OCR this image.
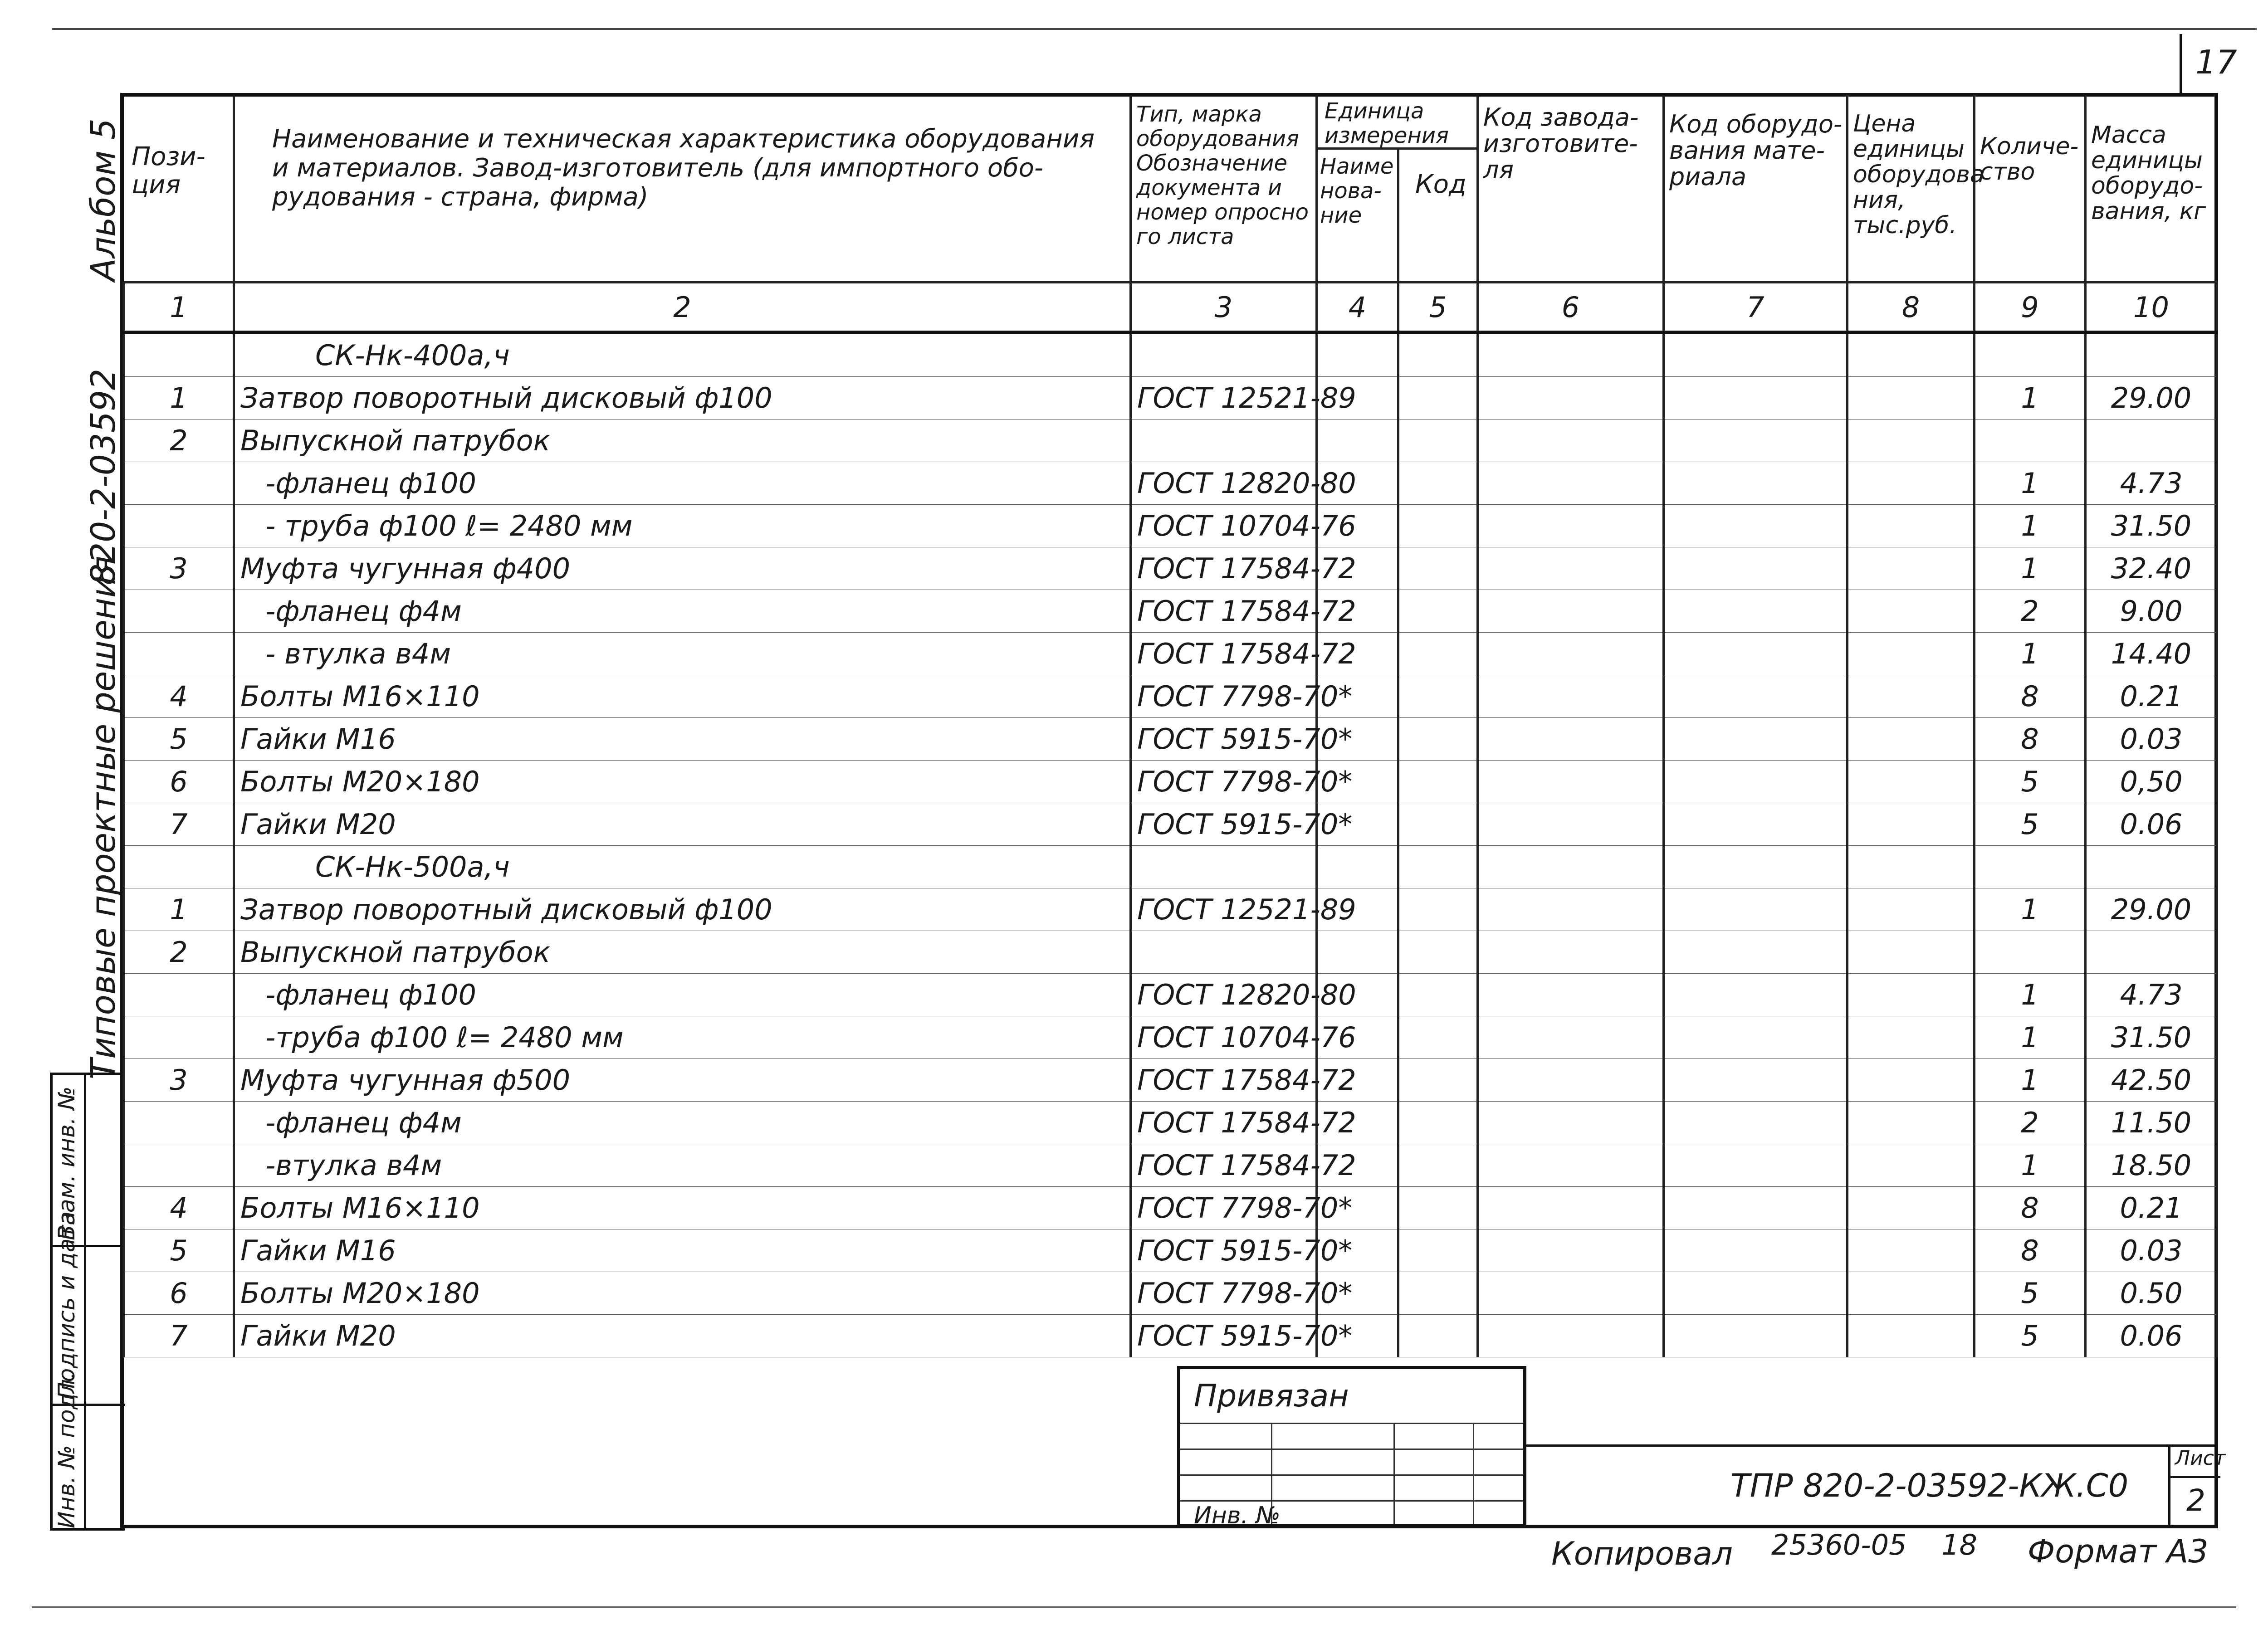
17
Альбом 5
820-2-03592
Типовые проектные решения
Инв. № подл.
Подпись и дата
Взам. инв. №
Пози-
ция
Наименование и техническая характеристика оборудования
и материалов. Завод-изготовитель (для импортного обо-
рудования - страна, фирма)
Тип, марка
оборудования
Обозначение
документа и
номер опросно
го листа
Единица
измерения
Наиме
нова-
ние
Код
Код завода-
изготовите-
ля
Код оборудо-
вания мате-
риала
Цена
единицы
оборудова
ния,
тыс.руб.
Количе-
ство
Масса
единицы
оборудо-
вания, кг
1	2	3	4	5	6	7	8	9	10
	СК-Нк-400а,ч								
1	Затвор поворотный дисковый ф100	ГОСТ 12521-89						1	29.00
2	Выпускной патрубок								
	-фланец ф100	ГОСТ 12820-80						1	4.73
	- труба ф100 ℓ= 2480 мм	ГОСТ 10704-76						1	31.50
3	Муфта чугунная ф400	ГОСТ 17584-72						1	32.40
	-фланец ф4м	ГОСТ 17584-72						2	9.00
	- втулка в4м	ГОСТ 17584-72						1	14.40
4	Болты М16×110	ГОСТ 7798-70*						8	0.21
5	Гайки М16	ГОСТ 5915-70*						8	0.03
6	Болты М20×180	ГОСТ 7798-70*						5	0,50
7	Гайки М20	ГОСТ 5915-70*						5	0.06
	СК-Нк-500а,ч								
1	Затвор поворотный дисковый ф100	ГОСТ 12521-89						1	29.00
2	Выпускной патрубок								
	-фланец ф100	ГОСТ 12820-80						1	4.73
	-труба ф100 ℓ= 2480 мм	ГОСТ 10704-76						1	31.50
3	Муфта чугунная ф500	ГОСТ 17584-72						1	42.50
	-фланец ф4м	ГОСТ 17584-72						2	11.50
	-втулка в4м	ГОСТ 17584-72						1	18.50
4	Болты М16×110	ГОСТ 7798-70*						8	0.21
5	Гайки М16	ГОСТ 5915-70*						8	0.03
6	Болты М20×180	ГОСТ 7798-70*						5	0.50
7	Гайки М20	ГОСТ 5915-70*						5	0.06
Привязан
Инв. №
ТПР 820-2-03592-КЖ.С0
Лист
2
Копировал 25360-05 18 Формат А3
